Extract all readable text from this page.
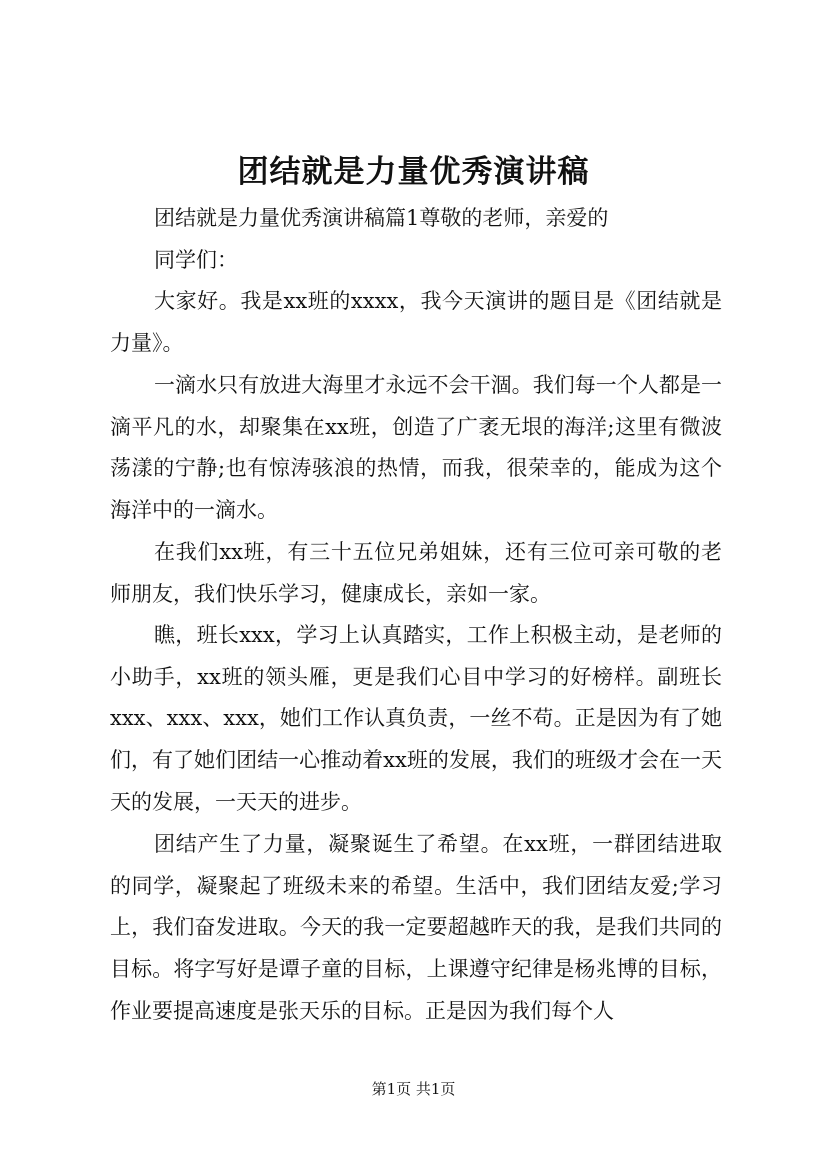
团结就是力量优秀演讲稿

团结就是力量优秀演讲稿篇1尊敬的老师，亲爱的

同学们：

大家好。我是xx班的xxxx，我今天演讲的题目是《团结就是力量》。

一滴水只有放进大海里才永远不会干涸。我们每一个人都是一滴平凡的水，却聚集在xx班，创造了广袤无垠的海洋;这里有微波荡漾的宁静;也有惊涛骇浪的热情，而我，很荣幸的，能成为这个海洋中的一滴水。

在我们xx班，有三十五位兄弟姐妹，还有三位可亲可敬的老师朋友，我们快乐学习，健康成长，亲如一家。

瞧，班长xxx，学习上认真踏实，工作上积极主动，是老师的小助手，xx班的领头雁，更是我们心目中学习的好榜样。副班长xxx、xxx、xxx，她们工作认真负责，一丝不苟。正是因为有了她们，有了她们团结一心推动着xx班的发展，我们的班级才会在一天天的发展，一天天的进步。

团结产生了力量，凝聚诞生了希望。在xx班，一群团结进取的同学，凝聚起了班级未来的希望。生活中，我们团结友爱;学习上，我们奋发进取。今天的我一定要超越昨天的我，是我们共同的目标。将字写好是谭子童的目标，上课遵守纪律是杨兆博的目标，作业要提高速度是张天乐的目标。正是因为我们每个人

第1页 共1页
